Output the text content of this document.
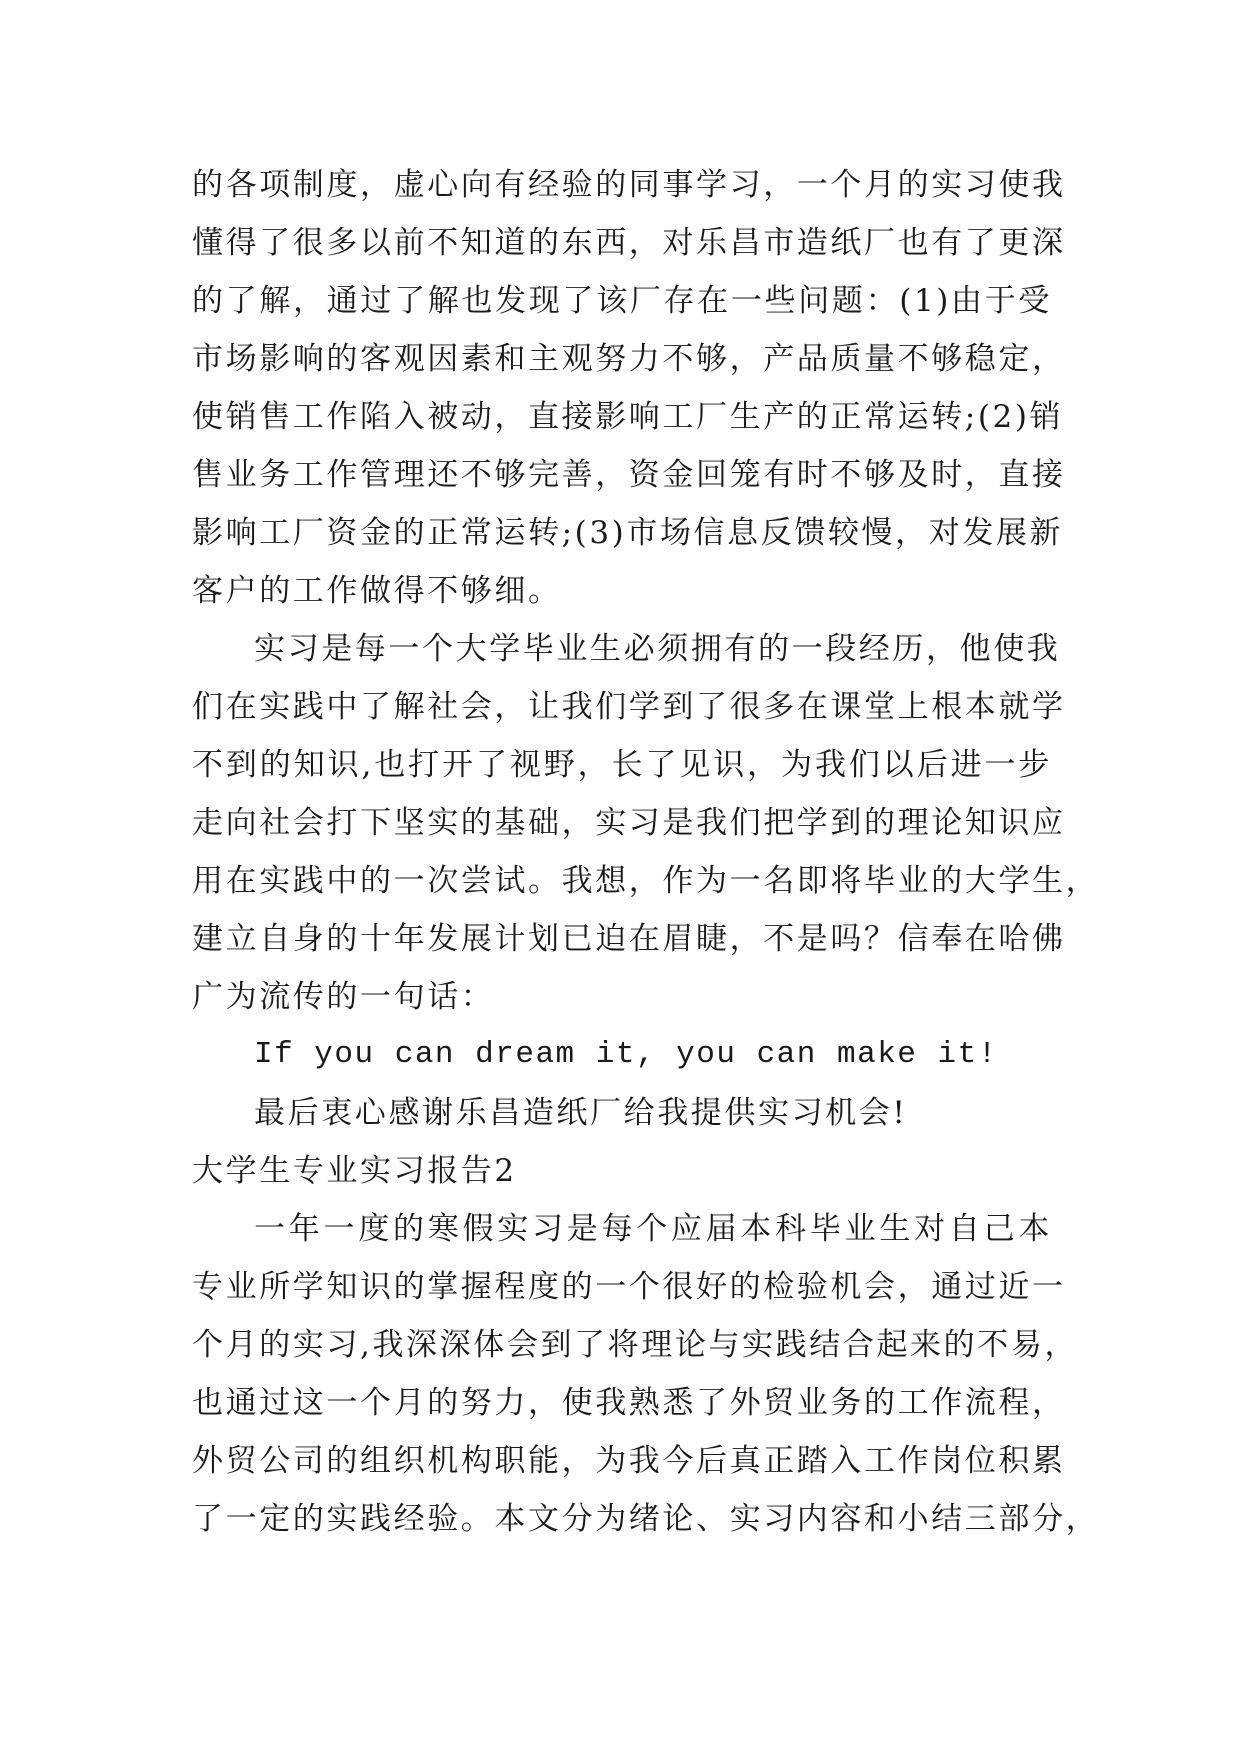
的各项制度，虚心向有经验的同事学习，一个月的实习使我
懂得了很多以前不知道的东西，对乐昌市造纸厂也有了更深
的了解，通过了解也发现了该厂存在一些问题：(1)由于受
市场影响的客观因素和主观努力不够，产品质量不够稳定，
使销售工作陷入被动，直接影响工厂生产的正常运转;(2)销
售业务工作管理还不够完善，资金回笼有时不够及时，直接
影响工厂资金的正常运转;(3)市场信息反馈较慢，对发展新
客户的工作做得不够细。
实习是每一个大学毕业生必须拥有的一段经历，他使我
们在实践中了解社会，让我们学到了很多在课堂上根本就学
不到的知识,也打开了视野，长了见识，为我们以后进一步
走向社会打下坚实的基础，实习是我们把学到的理论知识应
用在实践中的一次尝试。我想，作为一名即将毕业的大学生，
建立自身的十年发展计划已迫在眉睫，不是吗？信奉在哈佛
广为流传的一句话：
If you can dream it, you can make it!
最后衷心感谢乐昌造纸厂给我提供实习机会!
大学生专业实习报告2
一年一度的寒假实习是每个应届本科毕业生对自己本
专业所学知识的掌握程度的一个很好的检验机会，通过近一
个月的实习,我深深体会到了将理论与实践结合起来的不易，
也通过这一个月的努力，使我熟悉了外贸业务的工作流程，
外贸公司的组织机构职能，为我今后真正踏入工作岗位积累
了一定的实践经验。本文分为绪论、实习内容和小结三部分，
